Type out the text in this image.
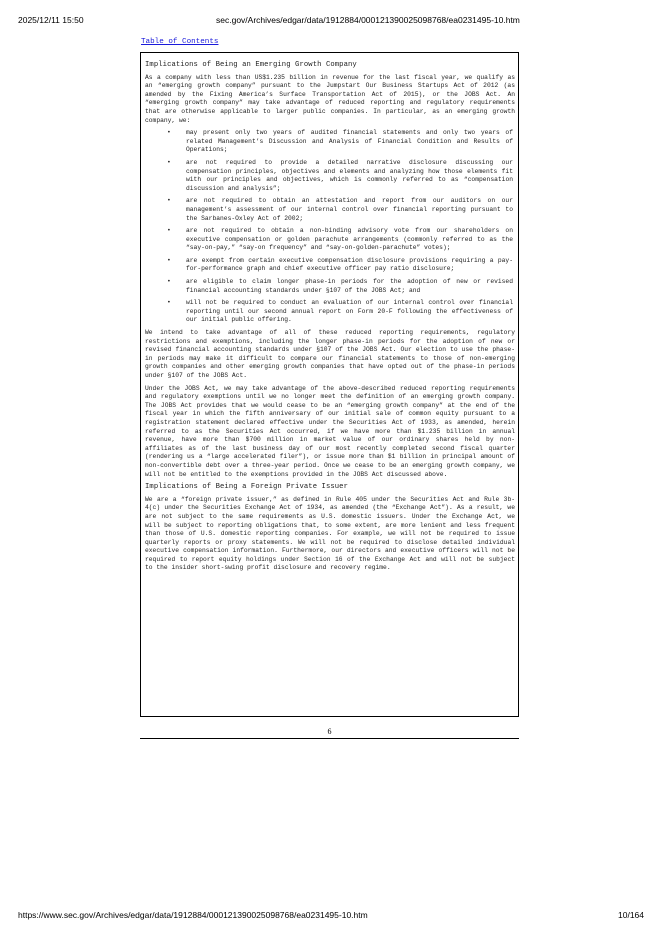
2025/12/11 15:50	sec.gov/Archives/edgar/data/1912884/000121390025098768/ea0231495-10.htm
Table of Contents
Implications of Being an Emerging Growth Company
As a company with less than US$1.235 billion in revenue for the last fiscal year, we qualify as an “emerging growth company” pursuant to the Jumpstart Our Business Startups Act of 2012 (as amended by the Fixing America’s Surface Transportation Act of 2015), or the JOBS Act. An “emerging growth company” may take advantage of reduced reporting and regulatory requirements that are otherwise applicable to larger public companies. In particular, as an emerging growth company, we:
• may present only two years of audited financial statements and only two years of related Management’s Discussion and Analysis of Financial Condition and Results of Operations;
• are not required to provide a detailed narrative disclosure discussing our compensation principles, objectives and elements and analyzing how those elements fit with our principles and objectives, which is commonly referred to as “compensation discussion and analysis”;
• are not required to obtain an attestation and report from our auditors on our management’s assessment of our internal control over financial reporting pursuant to the Sarbanes-Oxley Act of 2002;
• are not required to obtain a non-binding advisory vote from our shareholders on executive compensation or golden parachute arrangements (commonly referred to as the “say-on-pay,” “say-on frequency” and “say-on-golden-parachute” votes);
• are exempt from certain executive compensation disclosure provisions requiring a pay-for-performance graph and chief executive officer pay ratio disclosure;
• are eligible to claim longer phase-in periods for the adoption of new or revised financial accounting standards under §107 of the JOBS Act; and
• will not be required to conduct an evaluation of our internal control over financial reporting until our second annual report on Form 20-F following the effectiveness of our initial public offering.
We intend to take advantage of all of these reduced reporting requirements, regulatory restrictions and exemptions, including the longer phase-in periods for the adoption of new or revised financial accounting standards under §107 of the JOBS Act. Our election to use the phase-in periods may make it difficult to compare our financial statements to those of non-emerging growth companies and other emerging growth companies that have opted out of the phase-in periods under §107 of the JOBS Act.
Under the JOBS Act, we may take advantage of the above-described reduced reporting requirements and regulatory exemptions until we no longer meet the definition of an emerging growth company. The JOBS Act provides that we would cease to be an “emerging growth company” at the end of the fiscal year in which the fifth anniversary of our initial sale of common equity pursuant to a registration statement declared effective under the Securities Act of 1933, as amended, herein referred to as the Securities Act occurred, if we have more than $1.235 billion in annual revenue, have more than $700 million in market value of our ordinary shares held by non-affiliates as of the last business day of our most recently completed second fiscal quarter (rendering us a “large accelerated filer”), or issue more than $1 billion in principal amount of non-convertible debt over a three-year period. Once we cease to be an emerging growth company, we will not be entitled to the exemptions provided in the JOBS Act discussed above.
Implications of Being a Foreign Private Issuer
We are a “foreign private issuer,” as defined in Rule 405 under the Securities Act and Rule 3b-4(c) under the Securities Exchange Act of 1934, as amended (the “Exchange Act”). As a result, we are not subject to the same requirements as U.S. domestic issuers. Under the Exchange Act, we will be subject to reporting obligations that, to some extent, are more lenient and less frequent than those of U.S. domestic reporting companies. For example, we will not be required to issue quarterly reports or proxy statements. We will not be required to disclose detailed individual executive compensation information. Furthermore, our directors and executive officers will not be required to report equity holdings under Section 16 of the Exchange Act and will not be subject to the insider short-swing profit disclosure and recovery regime.
6
https://www.sec.gov/Archives/edgar/data/1912884/000121390025098768/ea0231495-10.htm	10/164
